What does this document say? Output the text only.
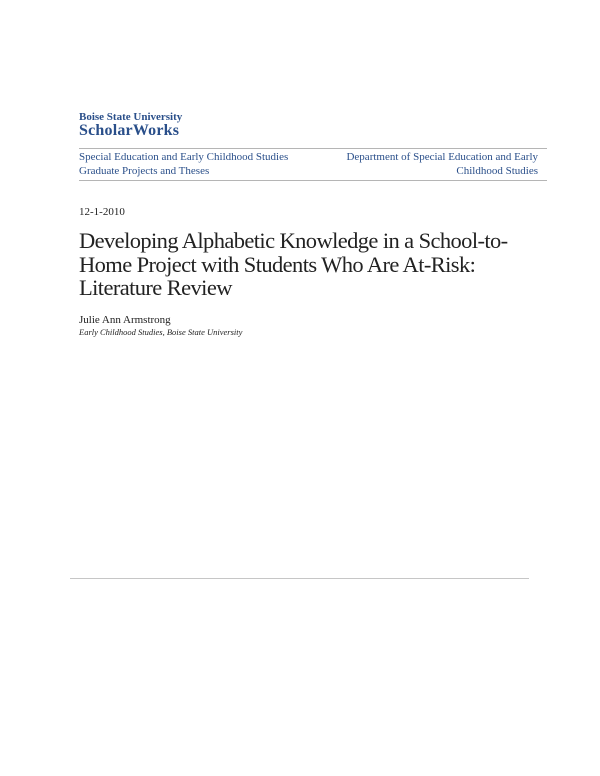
Boise State University
ScholarWorks
Special Education and Early Childhood Studies
Graduate Projects and Theses
Department of Special Education and Early
Childhood Studies
12-1-2010
Developing Alphabetic Knowledge in a School-to-
Home Project with Students Who Are At-Risk:
Literature Review
Julie Ann Armstrong
Early Childhood Studies, Boise State University
